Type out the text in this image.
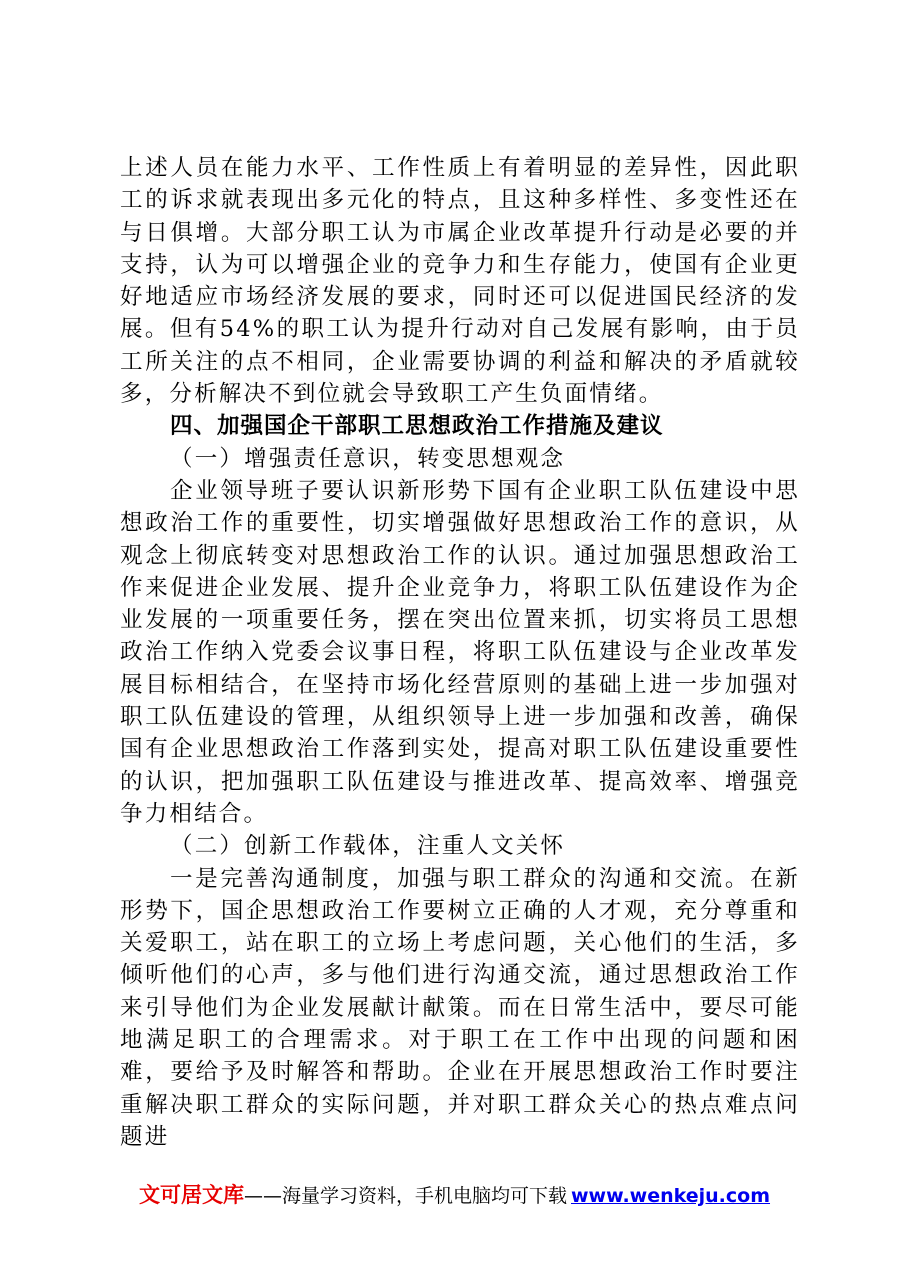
上述人员在能力水平、工作性质上有着明显的差异性，因此职工的诉求就表现出多元化的特点，且这种多样性、多变性还在与日俱增。大部分职工认为市属企业改革提升行动是必要的并支持，认为可以增强企业的竞争力和生存能力，使国有企业更好地适应市场经济发展的要求，同时还可以促进国民经济的发展。但有54%的职工认为提升行动对自己发展有影响，由于员工所关注的点不相同，企业需要协调的利益和解决的矛盾就较多，分析解决不到位就会导致职工产生负面情绪。

四、加强国企干部职工思想政治工作措施及建议

（一）增强责任意识，转变思想观念

企业领导班子要认识新形势下国有企业职工队伍建设中思想政治工作的重要性，切实增强做好思想政治工作的意识，从观念上彻底转变对思想政治工作的认识。通过加强思想政治工作来促进企业发展、提升企业竞争力，将职工队伍建设作为企业发展的一项重要任务，摆在突出位置来抓，切实将员工思想政治工作纳入党委会议事日程，将职工队伍建设与企业改革发展目标相结合，在坚持市场化经营原则的基础上进一步加强对职工队伍建设的管理，从组织领导上进一步加强和改善，确保国有企业思想政治工作落到实处，提高对职工队伍建设重要性的认识，把加强职工队伍建设与推进改革、提高效率、增强竞争力相结合。

（二）创新工作载体，注重人文关怀

一是完善沟通制度，加强与职工群众的沟通和交流。在新形势下，国企思想政治工作要树立正确的人才观，充分尊重和关爱职工，站在职工的立场上考虑问题，关心他们的生活，多倾听他们的心声，多与他们进行沟通交流，通过思想政治工作来引导他们为企业发展献计献策。而在日常生活中，要尽可能地满足职工的合理需求。对于职工在工作中出现的问题和困难，要给予及时解答和帮助。企业在开展思想政治工作时要注重解决职工群众的实际问题，并对职工群众关心的热点难点问题进

文可居文库——海量学习资料，手机电脑均可下载 www.wenkeju.com
